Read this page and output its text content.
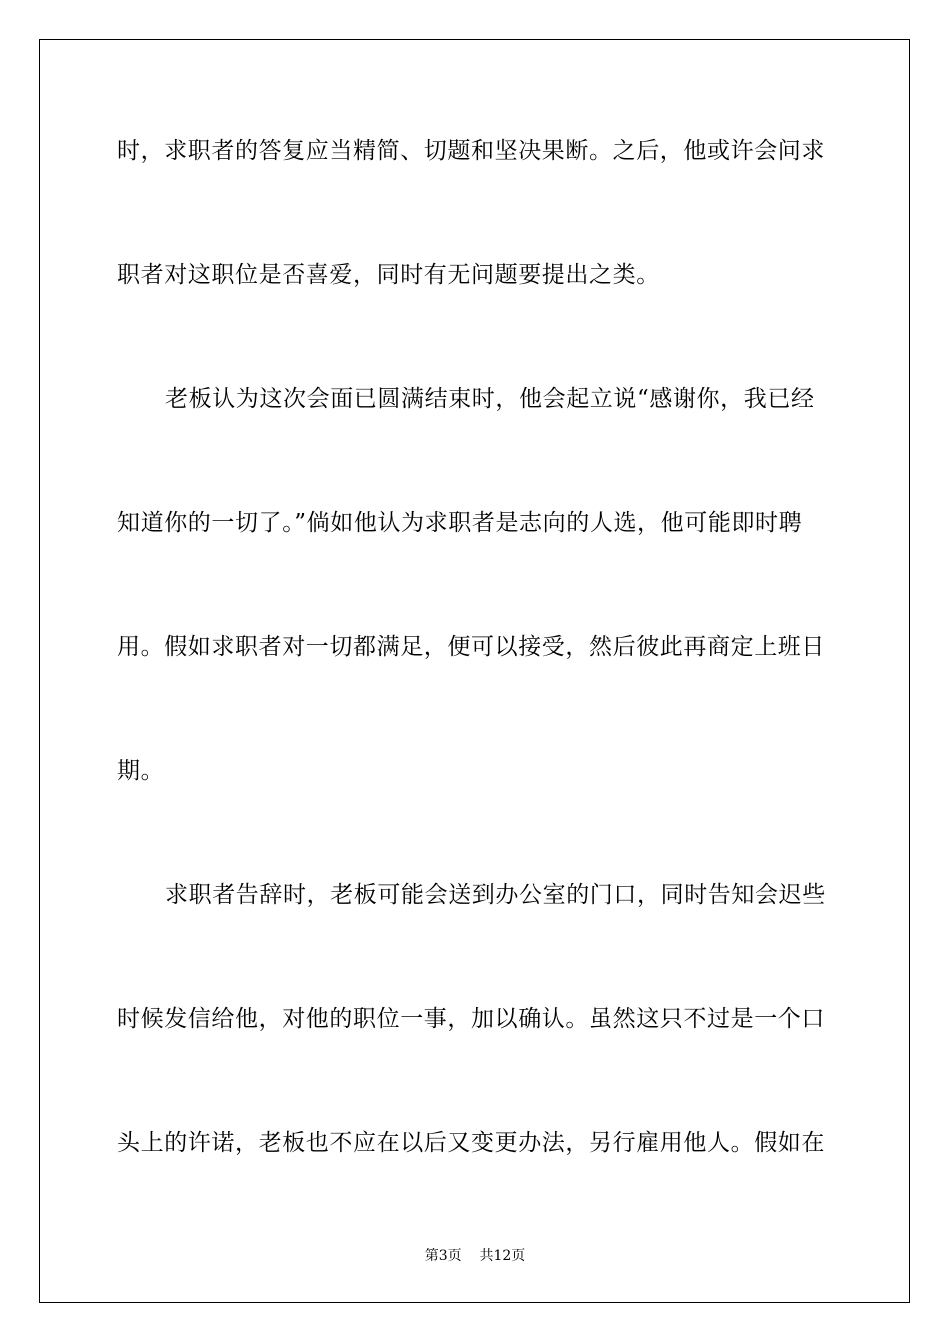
时，求职者的答复应当精简、切题和坚决果断。之后，他或许会问求
职者对这职位是否喜爱，同时有无问题要提出之类。
老板认为这次会面已圆满结束时，他会起立说“感谢你，我已经
知道你的一切了。”倘如他认为求职者是志向的人选，他可能即时聘
用。假如求职者对一切都满足，便可以接受，然后彼此再商定上班日
期。
求职者告辞时，老板可能会送到办公室的门口，同时告知会迟些
时候发信给他，对他的职位一事，加以确认。虽然这只不过是一个口
头上的许诺，老板也不应在以后又变更办法，另行雇用他人。假如在
第3页    共12页
